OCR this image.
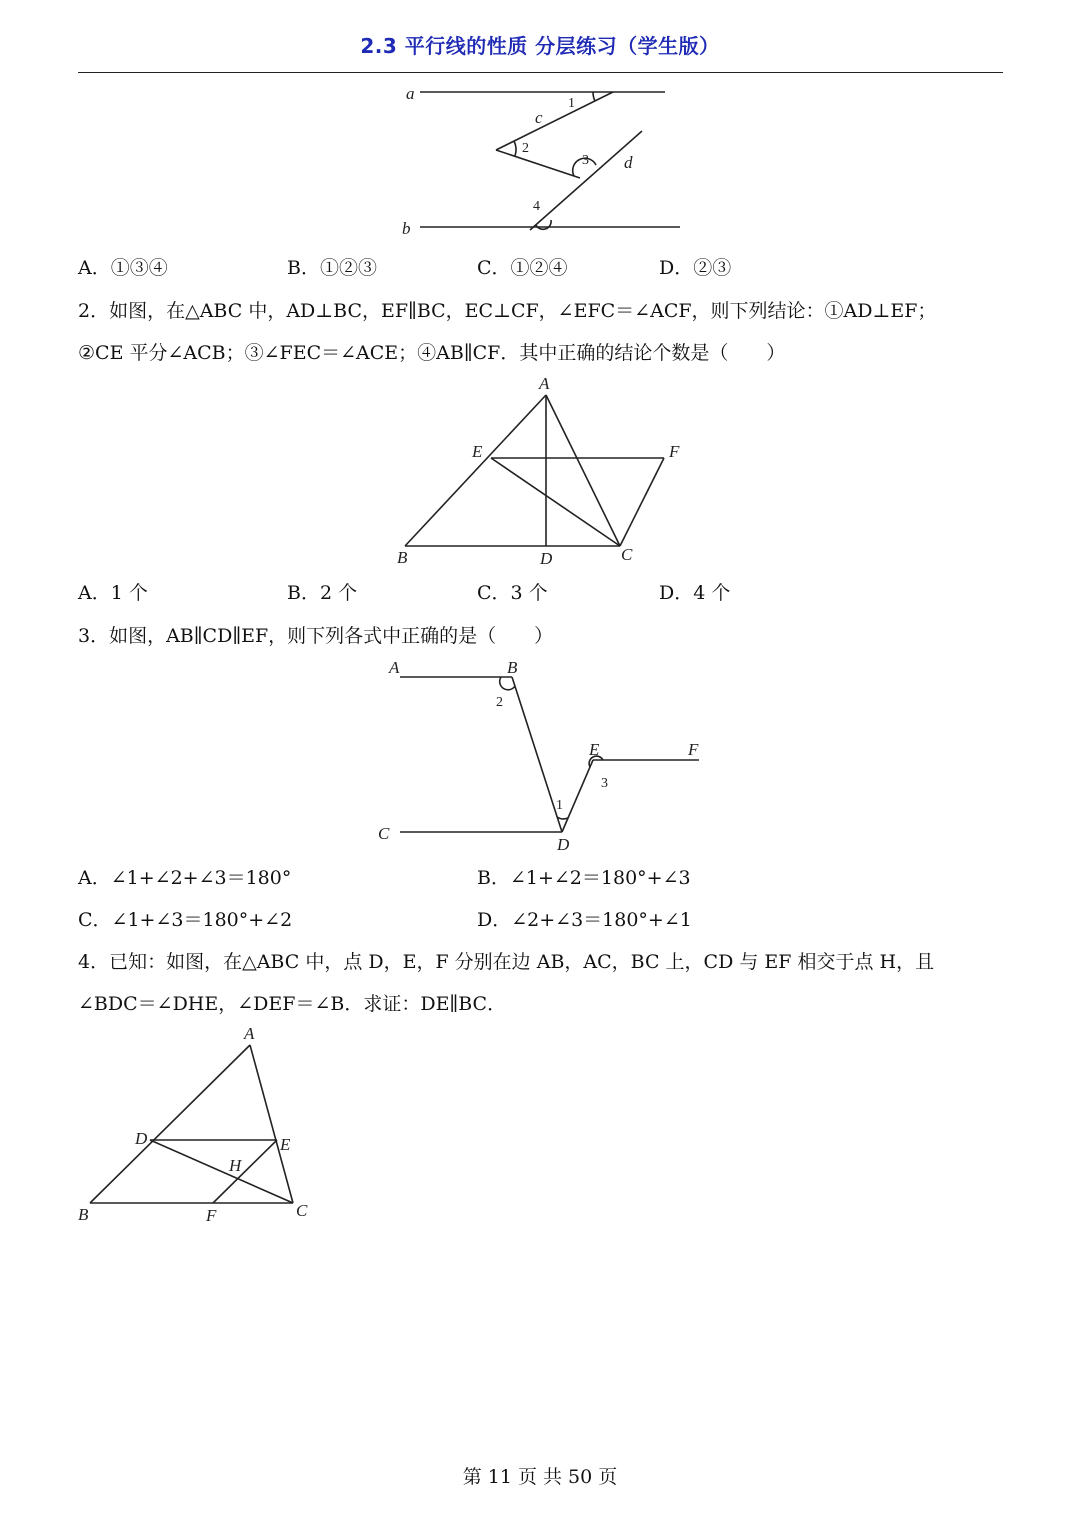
2.3 平行线的性质 分层练习（学生版）
a
b
c
d
1
2
3
4
A．①③④	B．①②③	C．①②④	D．②③
2．如图，在△ABC 中，AD⊥BC，EF∥BC，EC⊥CF，∠EFC＝∠ACF，则下列结论：①AD⊥EF；
②CE 平分∠ACB；③∠FEC＝∠ACE；④AB∥CF．其中正确的结论个数是（　　）
A
B	C
D
E	F
A．1 个	B．2 个	C．3 个	D．4 个
3．如图，AB∥CD∥EF，则下列各式中正确的是（　　）
A	B
C
D
E	F
1
2
3
A．∠1+∠2+∠3＝180°	B．∠1+∠2＝180°+∠3
C．∠1+∠3＝180°+∠2	D．∠2+∠3＝180°+∠1
4．已知：如图，在△ABC 中，点 D，E，F 分别在边 AB，AC，BC 上，CD 与 EF 相交于点 H，且
∠BDC＝∠DHE，∠DEF＝∠B．求证：DE∥BC．
A
B	C
D	E
F
H
第 11 页 共 50 页
